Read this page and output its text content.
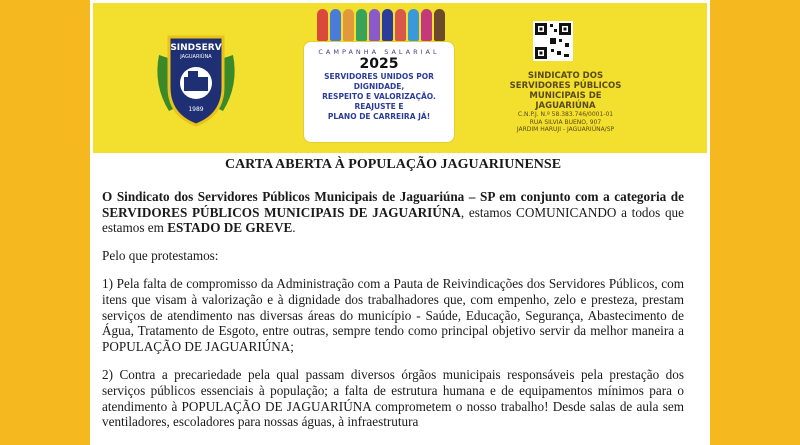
SINDSERV
JAGUARIÚNA
1989
CAMPANHA SALARIAL
2025
SERVIDORES UNIDOS POR DIGNIDADE,
RESPEITO E VALORIZAÇÃO.
REAJUSTE E
PLANO DE CARREIRA JÁ!
SINDICATO DOS
SERVIDORES PÚBLICOS
MUNICIPAIS DE
JAGUARIÚNA
C.N.P.J. N.º 58.383.746/0001-01
RUA SILVIA BUENO, 907
JARDIM HARUJI - JAGUARIÚNA/SP
CARTA ABERTA À POPULAÇÃO JAGUARIUNENSE

O Sindicato dos Servidores Públicos Municipais de Jaguariúna – SP em conjunto com a categoria de SERVIDORES PÚBLICOS MUNICIPAIS DE JAGUARIÚNA, estamos COMUNICANDO a todos que estamos em ESTADO DE GREVE.

Pelo que protestamos:

1) Pela falta de compromisso da Administração com a Pauta de Reivindicações dos Servidores Públicos, com itens que visam à valorização e à dignidade dos trabalhadores que, com empenho, zelo e presteza, prestam serviços de atendimento nas diversas áreas do município - Saúde, Educação, Segurança, Abastecimento de Água, Tratamento de Esgoto, entre outras, sempre tendo como principal objetivo servir da melhor maneira a POPULAÇÃO DE JAGUARIÚNA;

2) Contra a precariedade pela qual passam diversos órgãos municipais responsáveis pela prestação dos serviços públicos essenciais à população; a falta de estrutura humana e de equipamentos mínimos para o atendimento à POPULAÇÃO DE JAGUARIÚNA comprometem o nosso trabalho! Desde salas de aula sem ventiladores, escoladores para nossas águas, à infraestrutura
